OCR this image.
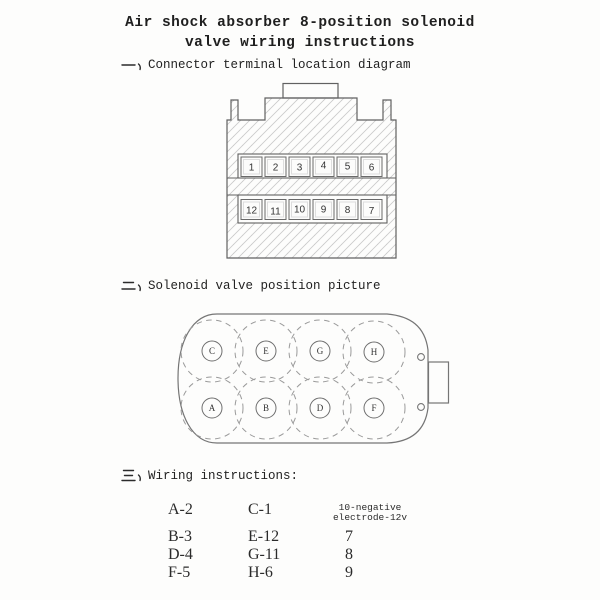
Air shock absorber 8-position solenoid
valve wiring instructions
Connector terminal location diagram
1 2 3 4 5 6
12 11 10 9 8 7
Solenoid valve position picture
C	E	G	H
A	B	D	F
Wiring instructions:
A-2	C-1	10-negative
electrode-12v
B-3	E-12	7
D-4	G-11	8
F-5	H-6	9
